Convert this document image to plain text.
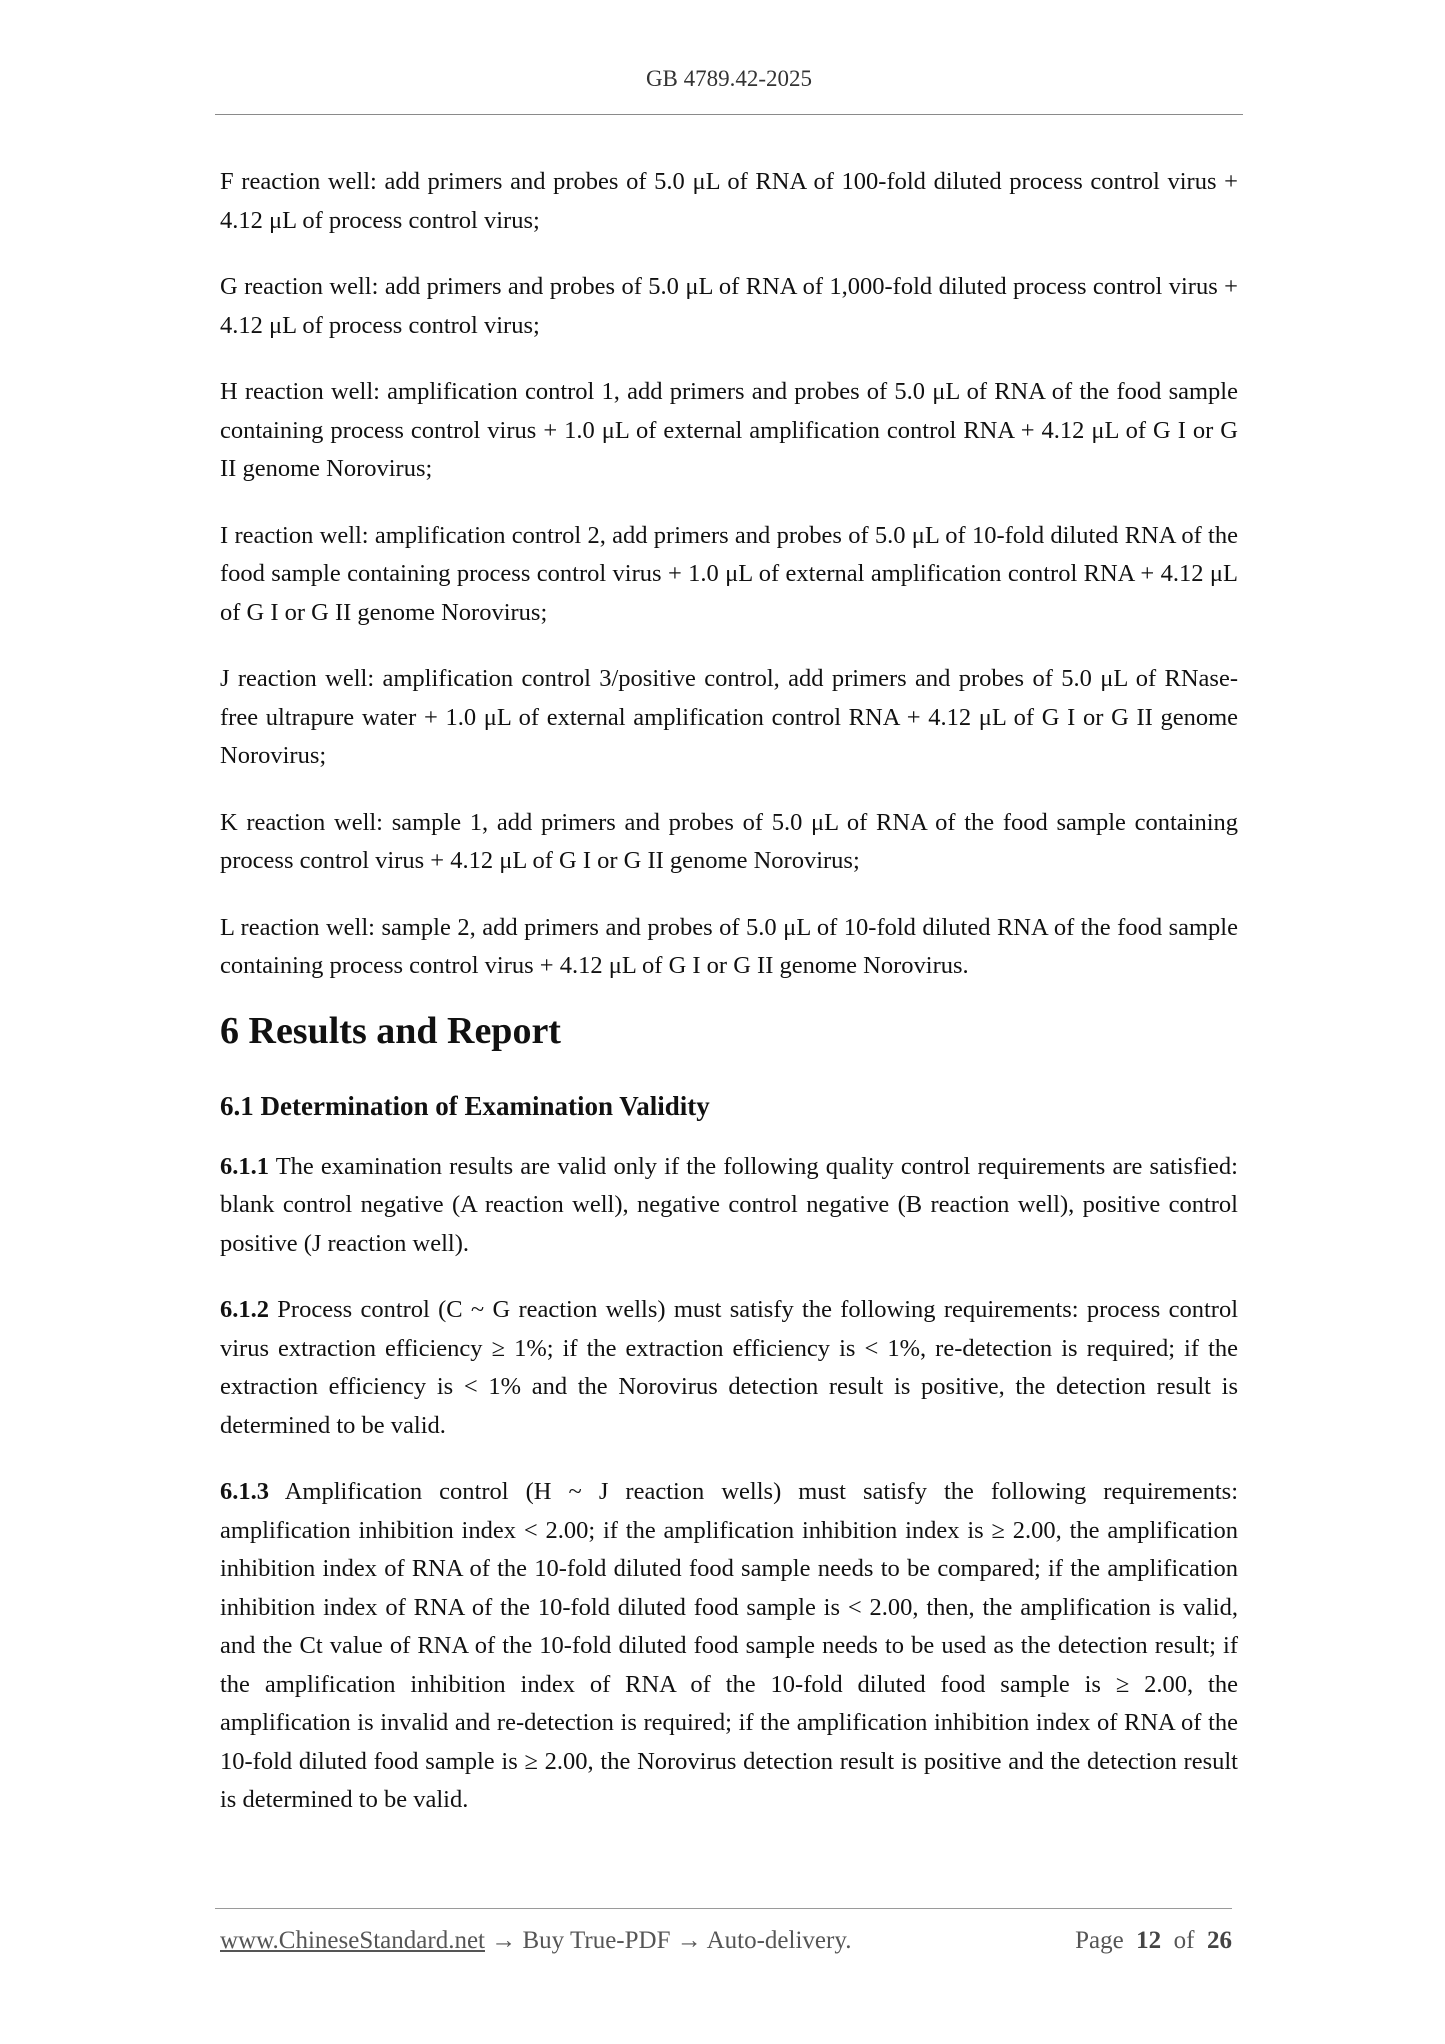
GB 4789.42-2025

F reaction well: add primers and probes of 5.0 μL of RNA of 100-fold diluted process control virus + 4.12 μL of process control virus;

G reaction well: add primers and probes of 5.0 μL of RNA of 1,000-fold diluted process control virus + 4.12 μL of process control virus;

H reaction well: amplification control 1, add primers and probes of 5.0 μL of RNA of the food sample containing process control virus + 1.0 μL of external amplification control RNA + 4.12 μL of G I or G II genome Norovirus;

I reaction well: amplification control 2, add primers and probes of 5.0 μL of 10-fold diluted RNA of the food sample containing process control virus + 1.0 μL of external amplification control RNA + 4.12 μL of G I or G II genome Norovirus;

J reaction well: amplification control 3/positive control, add primers and probes of 5.0 μL of RNase-free ultrapure water + 1.0 μL of external amplification control RNA + 4.12 μL of G I or G II genome Norovirus;

K reaction well: sample 1, add primers and probes of 5.0 μL of RNA of the food sample containing process control virus + 4.12 μL of G I or G II genome Norovirus;

L reaction well: sample 2, add primers and probes of 5.0 μL of 10-fold diluted RNA of the food sample containing process control virus + 4.12 μL of G I or G II genome Norovirus.

6 Results and Report
6.1 Determination of Examination Validity

6.1.1 The examination results are valid only if the following quality control requirements are satisfied: blank control negative (A reaction well), negative control negative (B reaction well), positive control positive (J reaction well).

6.1.2 Process control (C ~ G reaction wells) must satisfy the following requirements: process control virus extraction efficiency ≥ 1%; if the extraction efficiency is < 1%, re-detection is required; if the extraction efficiency is < 1% and the Norovirus detection result is positive, the detection result is determined to be valid.

6.1.3 Amplification control (H ~ J reaction wells) must satisfy the following requirements: amplification inhibition index < 2.00; if the amplification inhibition index is ≥ 2.00, the amplification inhibition index of RNA of the 10-fold diluted food sample needs to be compared; if the amplification inhibition index of RNA of the 10-fold diluted food sample is < 2.00, then, the amplification is valid, and the Ct value of RNA of the 10-fold diluted food sample needs to be used as the detection result; if the amplification inhibition index of RNA of the 10-fold diluted food sample is ≥ 2.00, the amplification is invalid and re-detection is required; if the amplification inhibition index of RNA of the 10-fold diluted food sample is ≥ 2.00, the Norovirus detection result is positive and the detection result is determined to be valid.

www.ChineseStandard.net → Buy True-PDF → Auto-delivery.	Page 12 of 26
